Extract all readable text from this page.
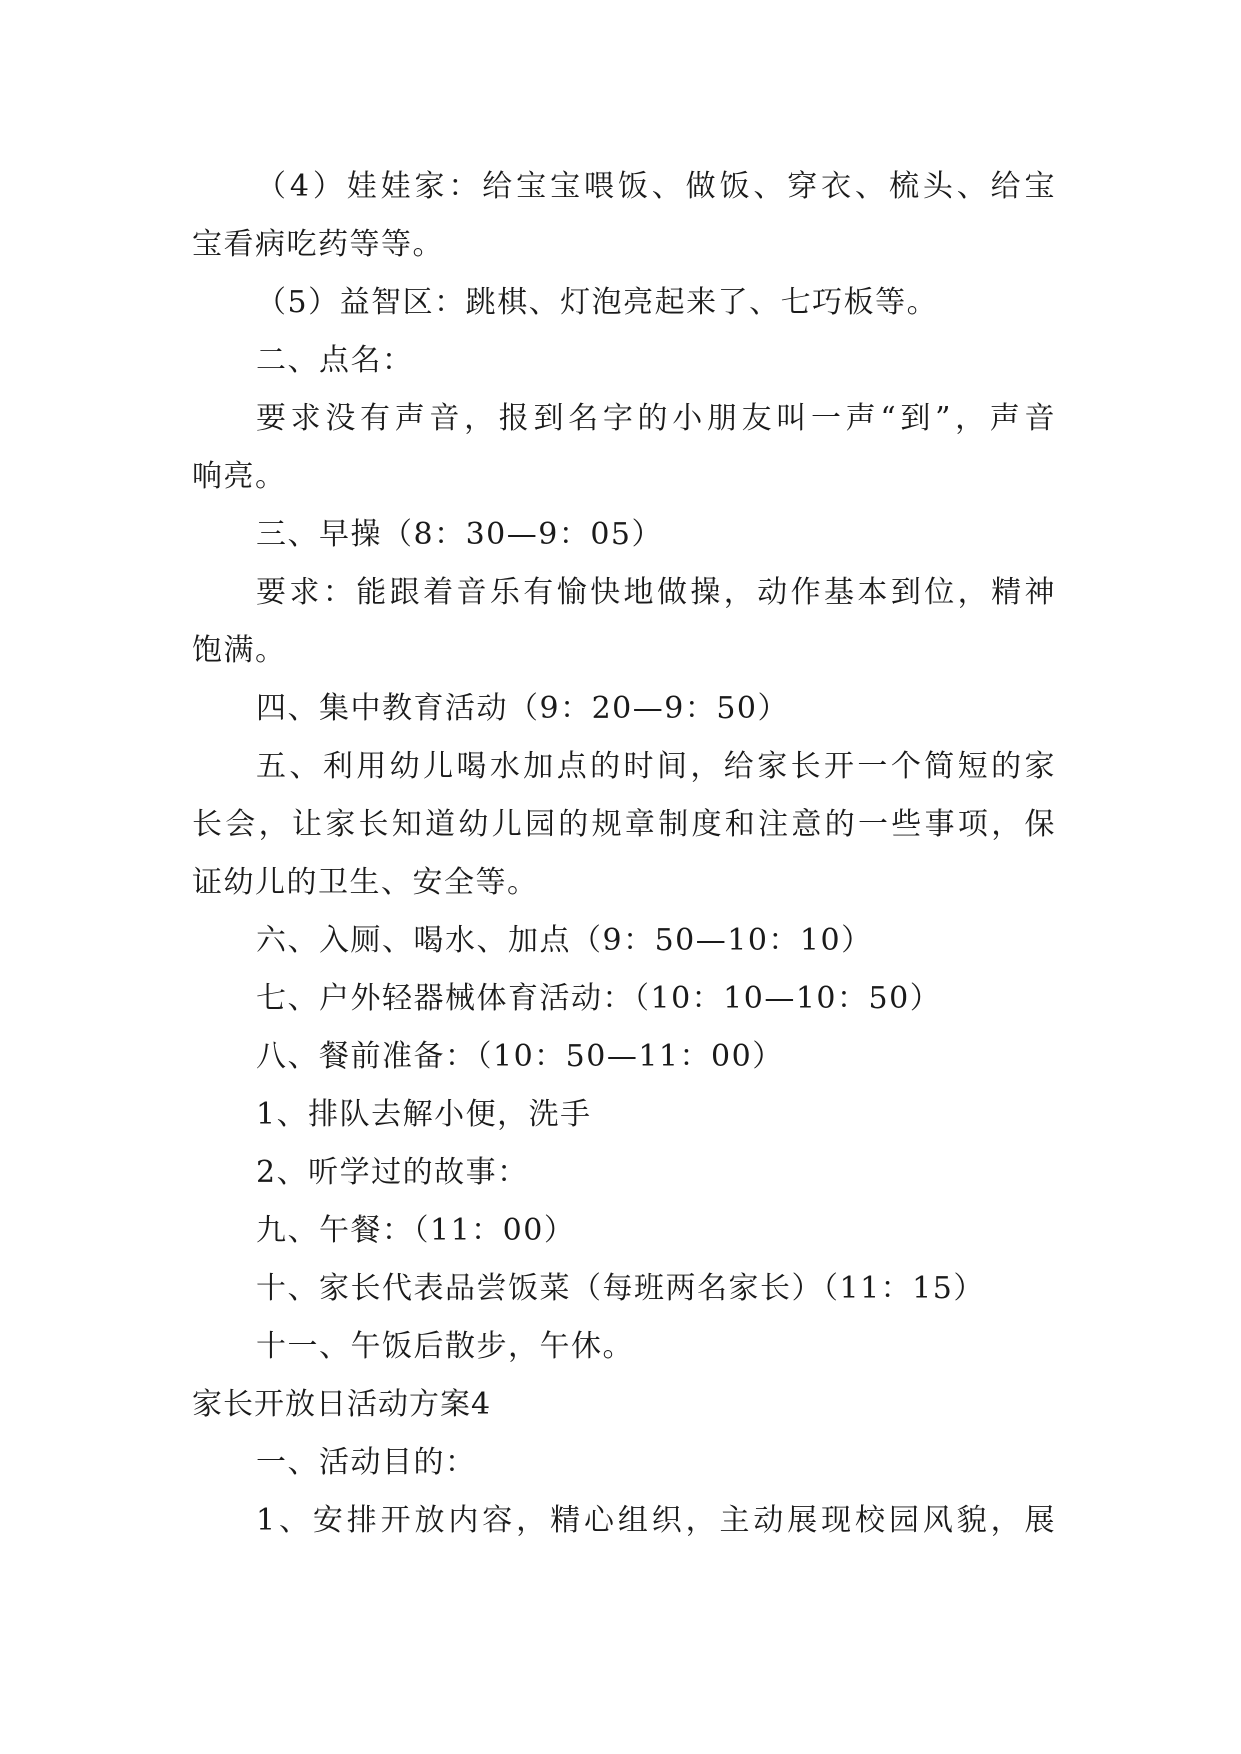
（4）娃娃家：给宝宝喂饭、做饭、穿衣、梳头、给宝
宝看病吃药等等。
（5）益智区：跳棋、灯泡亮起来了、七巧板等。
二、点名：
要求没有声音，报到名字的小朋友叫一声“到”，声音
响亮。
三、早操（8：30—9：05）
要求：能跟着音乐有愉快地做操，动作基本到位，精神
饱满。
四、集中教育活动（9：20—9：50）
五、利用幼儿喝水加点的时间，给家长开一个简短的家
长会，让家长知道幼儿园的规章制度和注意的一些事项，保
证幼儿的卫生、安全等。
六、入厕、喝水、加点（9：50—10：10）
七、户外轻器械体育活动：（10：10—10：50）
八、餐前准备：（10：50—11：00）
1、排队去解小便，洗手
2、听学过的故事：
九、午餐：（11：00）
十、家长代表品尝饭菜（每班两名家长）（11：15）
十一、午饭后散步，午休。
家长开放日活动方案4
一、活动目的：
1、安排开放内容，精心组织，主动展现校园风貌，展
